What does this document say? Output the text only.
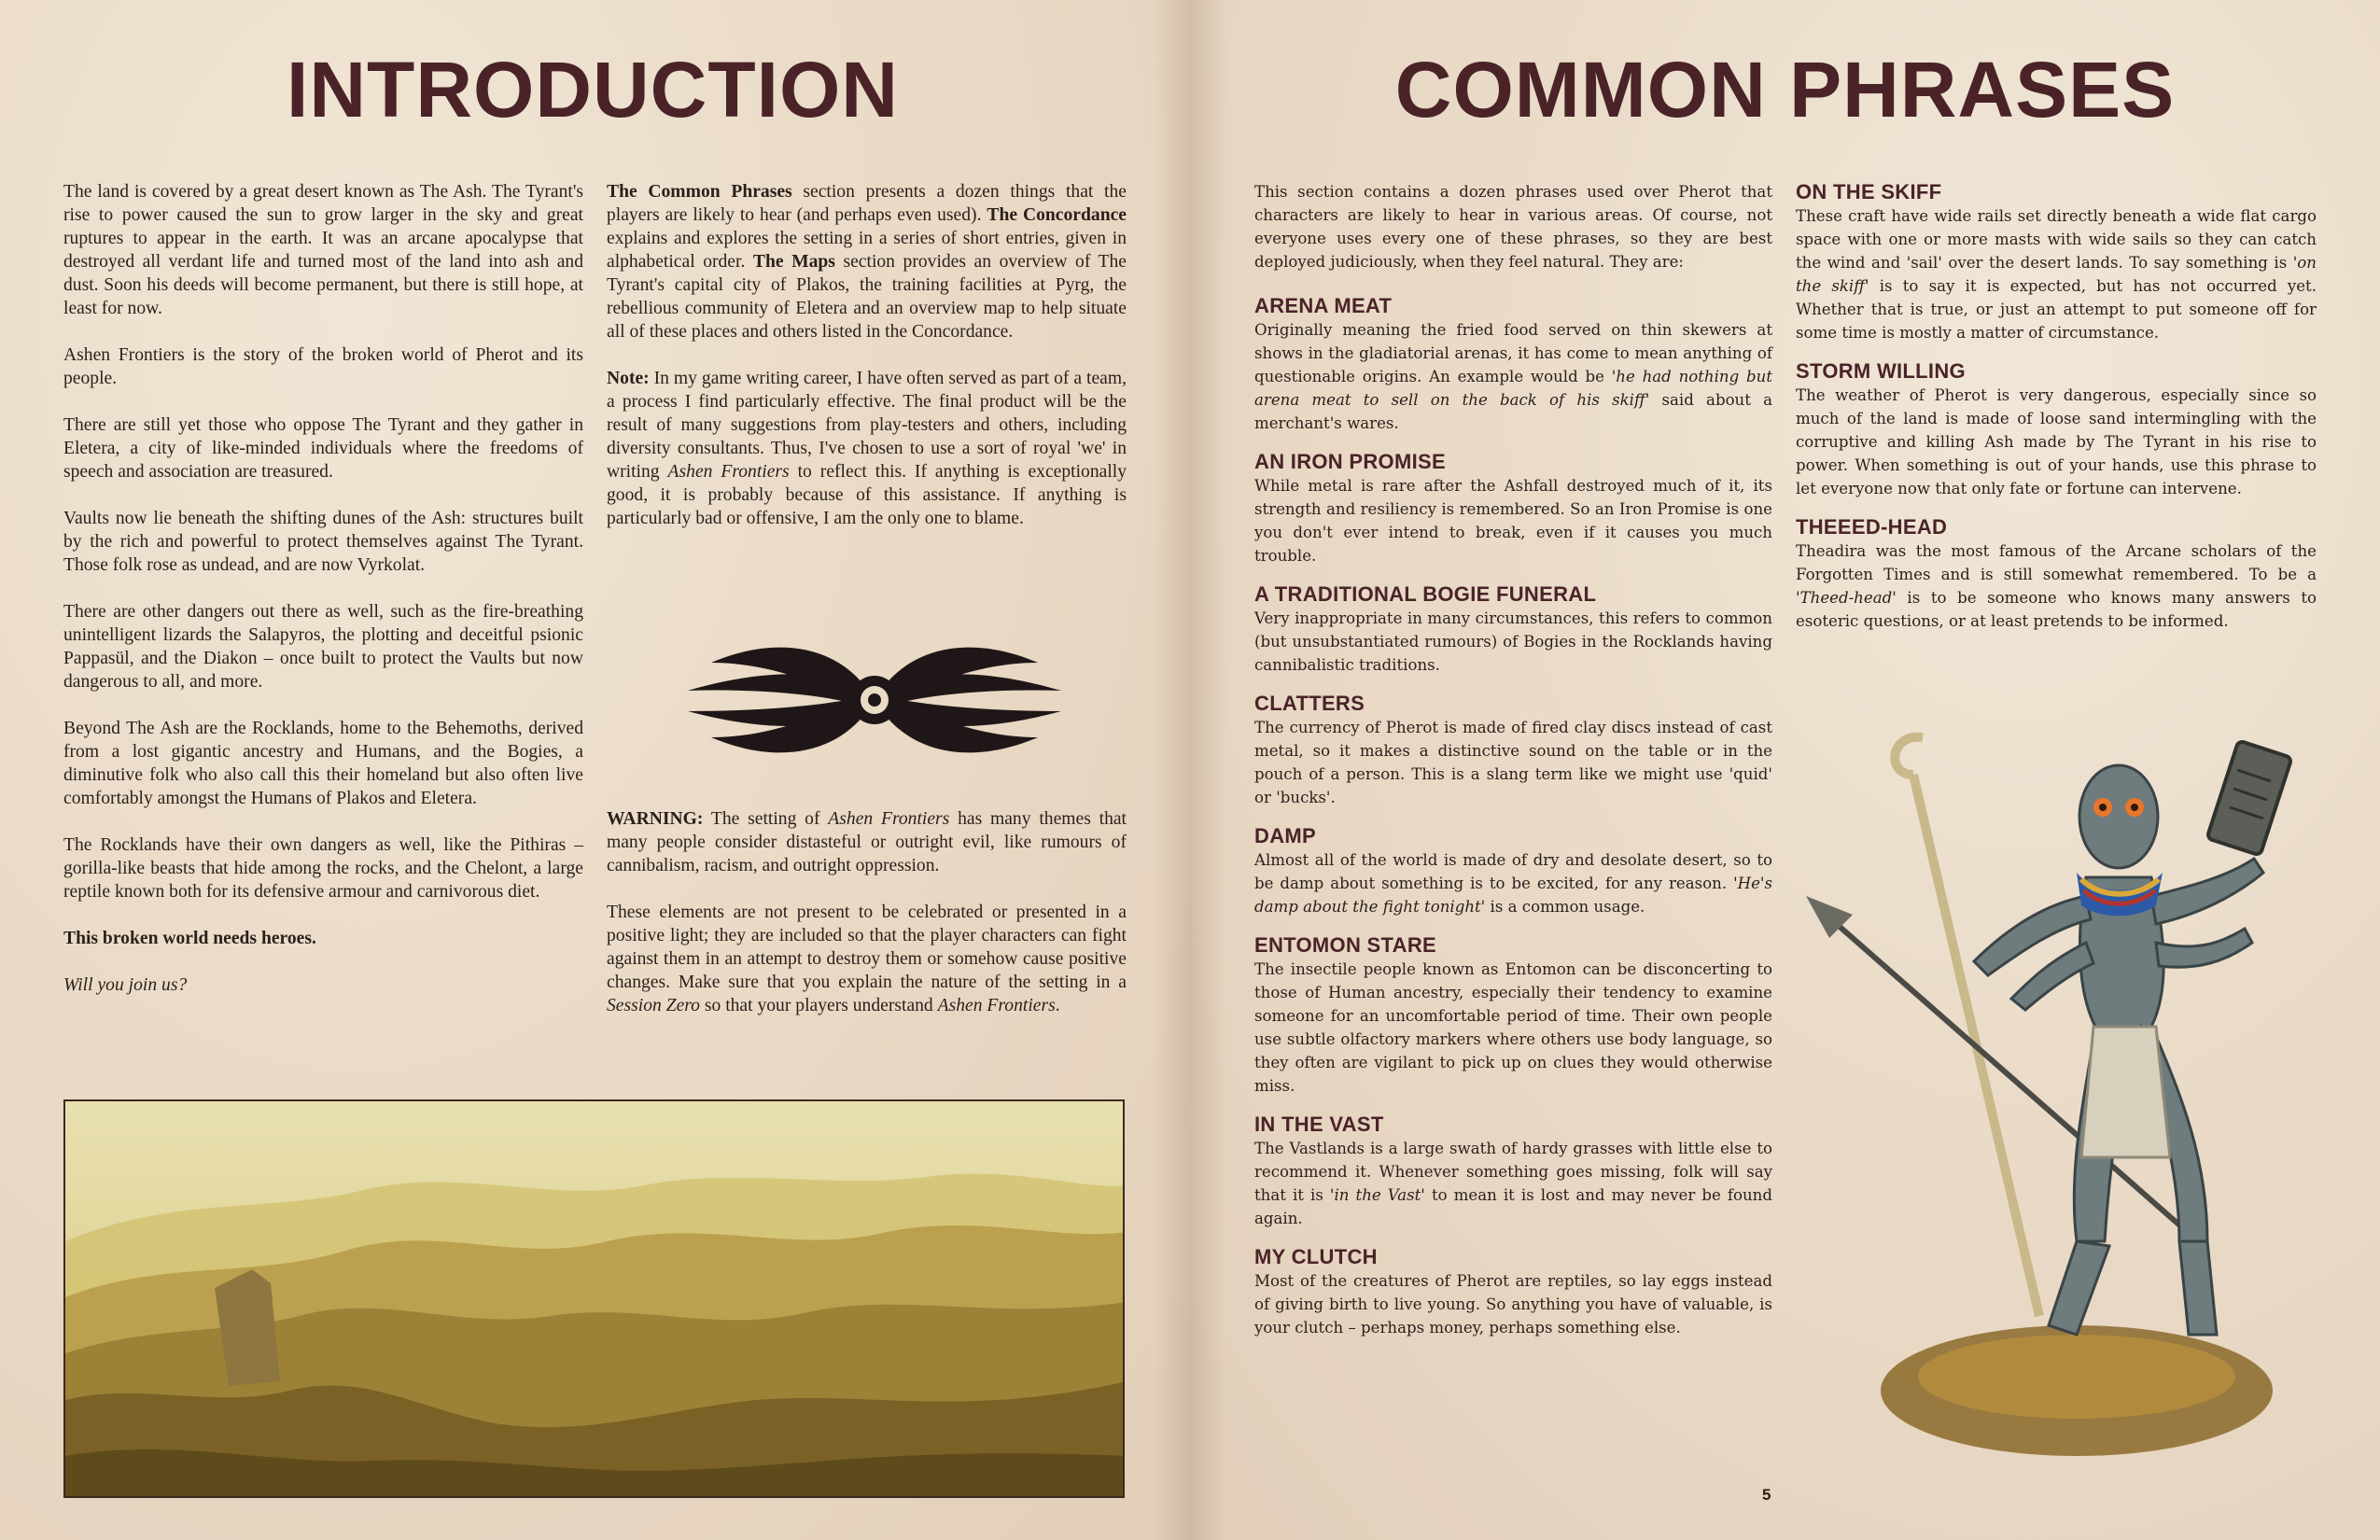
INTRODUCTION

The land is covered by a great desert known as The Ash. The Tyrant's rise to power caused the sun to grow larger in the sky and great ruptures to appear in the earth. It was an arcane apocalypse that destroyed all verdant life and turned most of the land into ash and dust. Soon his deeds will become permanent, but there is still hope, at least for now.

Ashen Frontiers is the story of the broken world of Pherot and its people.

There are still yet those who oppose The Tyrant and they gather in Eletera, a city of like-minded individuals where the freedoms of speech and association are treasured.

Vaults now lie beneath the shifting dunes of the Ash: structures built by the rich and powerful to protect themselves against The Tyrant. Those folk rose as undead, and are now Vyrkolat.

There are other dangers out there as well, such as the fire-breathing unintelligent lizards the Salapyros, the plotting and deceitful psionic Pappasül, and the Diakon – once built to protect the Vaults but now dangerous to all, and more.

Beyond The Ash are the Rocklands, home to the Behemoths, derived from a lost gigantic ancestry and Humans, and the Bogies, a diminutive folk who also call this their homeland but also often live comfortably amongst the Humans of Plakos and Eletera.

The Rocklands have their own dangers as well, like the Pithiras – gorilla-like beasts that hide among the rocks, and the Chelont, a large reptile known both for its defensive armour and carnivorous diet.

This broken world needs heroes.

Will you join us?

The Common Phrases section presents a dozen things that the players are likely to hear (and perhaps even used). The Concordance explains and explores the setting in a series of short entries, given in alphabetical order. The Maps section provides an overview of The Tyrant's capital city of Plakos, the training facilities at Pyrg, the rebellious community of Eletera and an overview map to help situate all of these places and others listed in the Concordance.

Note: In my game writing career, I have often served as part of a team, a process I find particularly effective. The final product will be the result of many suggestions from play-testers and others, including diversity consultants. Thus, I've chosen to use a sort of royal 'we' in writing Ashen Frontiers to reflect this. If anything is exceptionally good, it is probably because of this assistance. If anything is particularly bad or offensive, I am the only one to blame.

WARNING: The setting of Ashen Frontiers has many themes that many people consider distasteful or outright evil, like rumours of cannibalism, racism, and outright oppression.

These elements are not present to be celebrated or presented in a positive light; they are included so that the player characters can fight against them in an attempt to destroy them or somehow cause positive changes. Make sure that you explain the nature of the setting in a Session Zero so that your players understand Ashen Frontiers.

COMMON PHRASES

This section contains a dozen phrases used over Pherot that characters are likely to hear in various areas. Of course, not everyone uses every one of these phrases, so they are best deployed judiciously, when they feel natural. They are:

ARENA MEAT

Originally meaning the fried food served on thin skewers at shows in the gladiatorial arenas, it has come to mean anything of questionable origins. An example would be 'he had nothing but arena meat to sell on the back of his skiff' said about a merchant's wares.

AN IRON PROMISE

While metal is rare after the Ashfall destroyed much of it, its strength and resiliency is remembered. So an Iron Promise is one you don't ever intend to break, even if it causes you much trouble.

A TRADITIONAL BOGIE FUNERAL

Very inappropriate in many circumstances, this refers to common (but unsubstantiated rumours) of Bogies in the Rocklands having cannibalistic traditions.

CLATTERS

The currency of Pherot is made of fired clay discs instead of cast metal, so it makes a distinctive sound on the table or in the pouch of a person. This is a slang term like we might use 'quid' or 'bucks'.

DAMP

Almost all of the world is made of dry and desolate desert, so to be damp about something is to be excited, for any reason. 'He's damp about the fight tonight' is a common usage.

ENTOMON STARE

The insectile people known as Entomon can be disconcerting to those of Human ancestry, especially their tendency to examine someone for an uncomfortable period of time. Their own people use subtle olfactory markers where others use body language, so they often are vigilant to pick up on clues they would otherwise miss.

IN THE VAST

The Vastlands is a large swath of hardy grasses with little else to recommend it. Whenever something goes missing, folk will say that it is 'in the Vast' to mean it is lost and may never be found again.

MY CLUTCH

Most of the creatures of Pherot are reptiles, so lay eggs instead of giving birth to live young. So anything you have of valuable, is your clutch – perhaps money, perhaps something else.

ON THE SKIFF

These craft have wide rails set directly beneath a wide flat cargo space with one or more masts with wide sails so they can catch the wind and 'sail' over the desert lands. To say something is 'on the skiff' is to say it is expected, but has not occurred yet. Whether that is true, or just an attempt to put someone off for some time is mostly a matter of circumstance.

STORM WILLING

The weather of Pherot is very dangerous, especially since so much of the land is made of loose sand intermingling with the corruptive and killing Ash made by The Tyrant in his rise to power. When something is out of your hands, use this phrase to let everyone now that only fate or fortune can intervene.

THEEED-HEAD

Theadira was the most famous of the Arcane scholars of the Forgotten Times and is still somewhat remembered. To be a 'Theed-head' is to be someone who knows many answers to esoteric questions, or at least pretends to be informed.

5
